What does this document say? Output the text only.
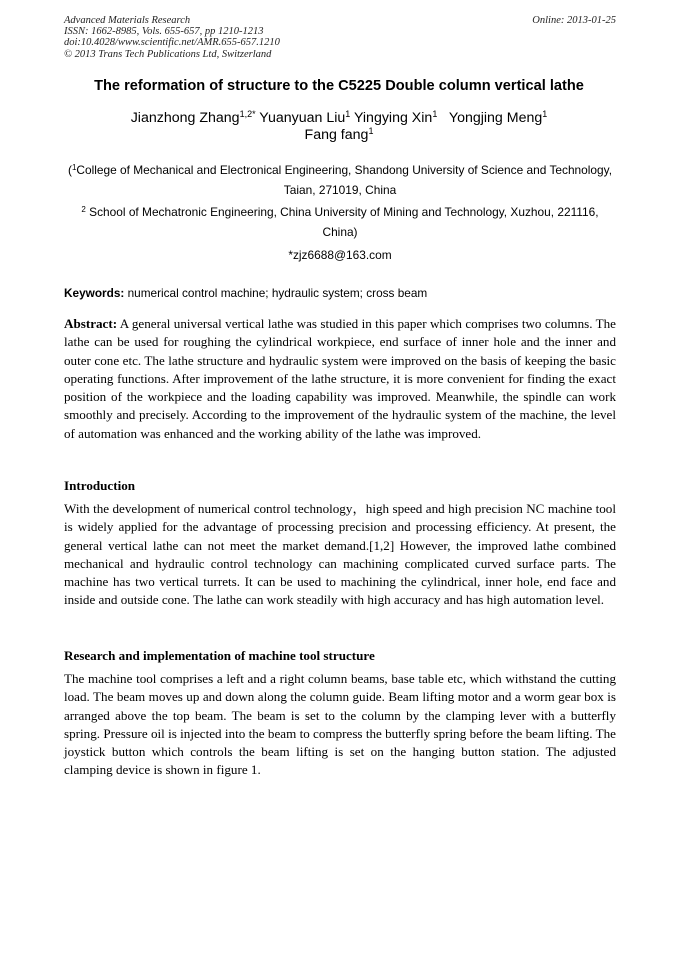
Advanced Materials Research
ISSN: 1662-8985, Vols. 655-657, pp 1210-1213
doi:10.4028/www.scientific.net/AMR.655-657.1210
© 2013 Trans Tech Publications Ltd, Switzerland
Online: 2013-01-25
The reformation of structure to the C5225 Double column vertical lathe
Jianzhong Zhang$^{1,2*}$ Yuanyuan Liu$^1$ Yingying Xin$^1$ Yongjing Meng$^1$
Fang fang$^1$
($^1$College of Mechanical and Electronical Engineering, Shandong University of Science and Technology, Taian, 271019, China
$^2$ School of Mechatronic Engineering, China University of Mining and Technology, Xuzhou, 221116, China)
*zjz6688@163.com
Keywords: numerical control machine; hydraulic system; cross beam

Abstract: A general universal vertical lathe was studied in this paper which comprises two columns. The lathe can be used for roughing the cylindrical workpiece, end surface of inner hole and the inner and outer cone etc. The lathe structure and hydraulic system were improved on the basis of keeping the basic operating functions. After improvement of the lathe structure, it is more convenient for finding the exact position of the workpiece and the loading capability was improved. Meanwhile, the spindle can work smoothly and precisely. According to the improvement of the hydraulic system of the machine, the level of automation was enhanced and the working ability of the lathe was improved.

Introduction

With the development of numerical control technology，high speed and high precision NC machine tool is widely applied for the advantage of processing precision and processing efficiency. At present, the general vertical lathe can not meet the market demand.[1,2] However, the improved lathe combined mechanical and hydraulic control technology can machining complicated curved surface parts. The machine has two vertical turrets. It can be used to machining the cylindrical, inner hole, end face and inside and outside cone. The lathe can work steadily with high accuracy and has high automation level.

Research and implementation of machine tool structure

The machine tool comprises a left and a right column beams, base table etc, which withstand the cutting load. The beam moves up and down along the column guide. Beam lifting motor and a worm gear box is arranged above the top beam. The beam is set to the column by the clamping lever with a butterfly spring. Pressure oil is injected into the beam to compress the butterfly spring before the beam lifting. The joystick button which controls the beam lifting is set on the hanging button station. The adjusted clamping device is shown in figure 1.
